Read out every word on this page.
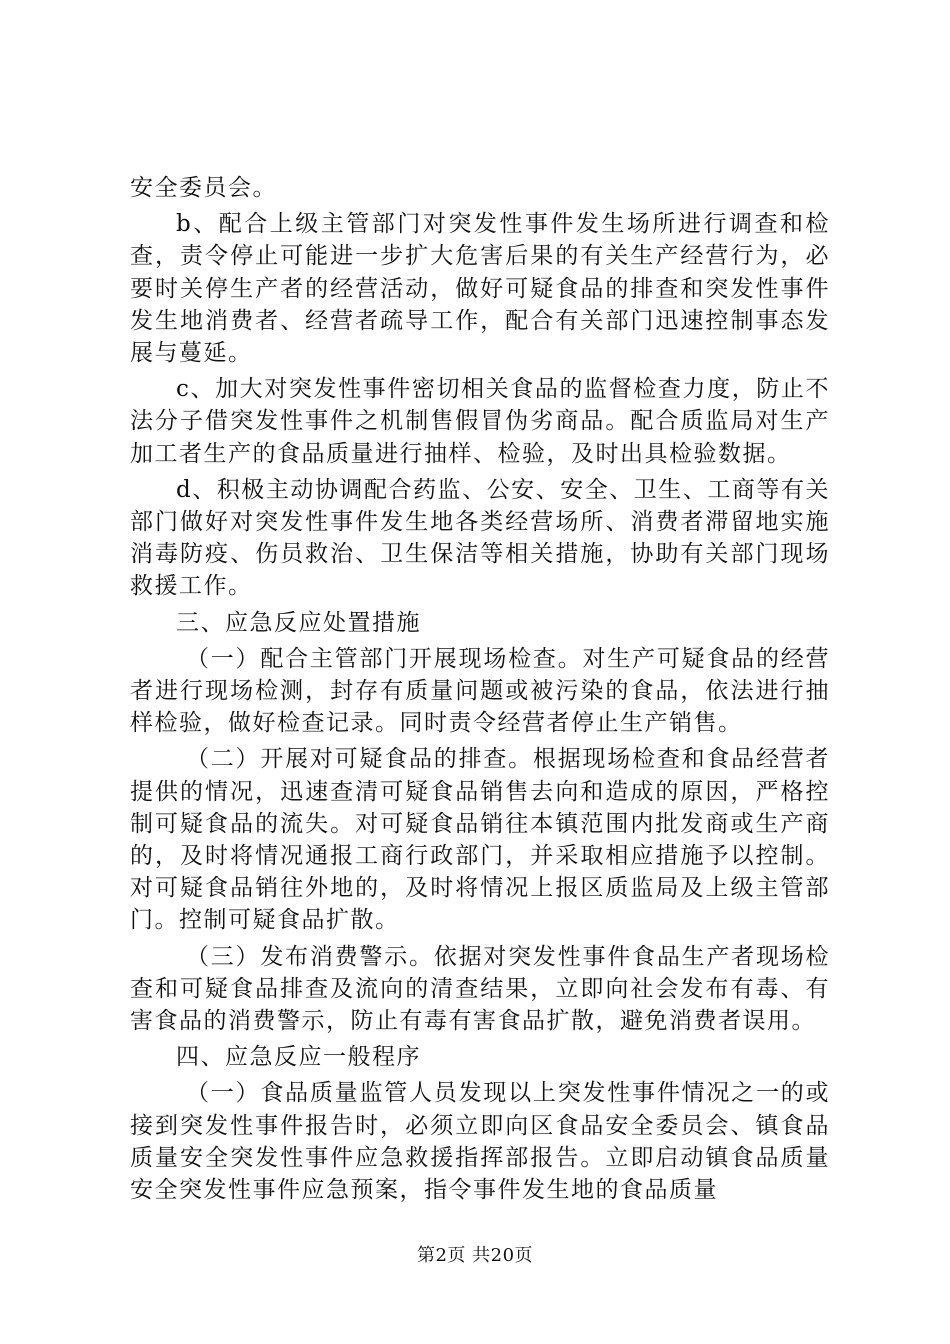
安全委员会。

b、配合上级主管部门对突发性事件发生场所进行调查和检查，责令停止可能进一步扩大危害后果的有关生产经营行为，必要时关停生产者的经营活动，做好可疑食品的排查和突发性事件发生地消费者、经营者疏导工作，配合有关部门迅速控制事态发展与蔓延。

c、加大对突发性事件密切相关食品的监督检查力度，防止不法分子借突发性事件之机制售假冒伪劣商品。配合质监局对生产加工者生产的食品质量进行抽样、检验，及时出具检验数据。

d、积极主动协调配合药监、公安、安全、卫生、工商等有关部门做好对突发性事件发生地各类经营场所、消费者滞留地实施消毒防疫、伤员救治、卫生保洁等相关措施，协助有关部门现场救援工作。

三、应急反应处置措施

（一）配合主管部门开展现场检查。对生产可疑食品的经营者进行现场检测，封存有质量问题或被污染的食品，依法进行抽样检验，做好检查记录。同时责令经营者停止生产销售。

（二）开展对可疑食品的排查。根据现场检查和食品经营者提供的情况，迅速查清可疑食品销售去向和造成的原因，严格控制可疑食品的流失。对可疑食品销往本镇范围内批发商或生产商的，及时将情况通报工商行政部门，并采取相应措施予以控制。对可疑食品销往外地的，及时将情况上报区质监局及上级主管部门。控制可疑食品扩散。

（三）发布消费警示。依据对突发性事件食品生产者现场检查和可疑食品排查及流向的清查结果，立即向社会发布有毒、有害食品的消费警示，防止有毒有害食品扩散，避免消费者误用。

四、应急反应一般程序

（一）食品质量监管人员发现以上突发性事件情况之一的或接到突发性事件报告时，必须立即向区食品安全委员会、镇食品质量安全突发性事件应急救援指挥部报告。立即启动镇食品质量安全突发性事件应急预案，指令事件发生地的食品质量

第2页 共20页
